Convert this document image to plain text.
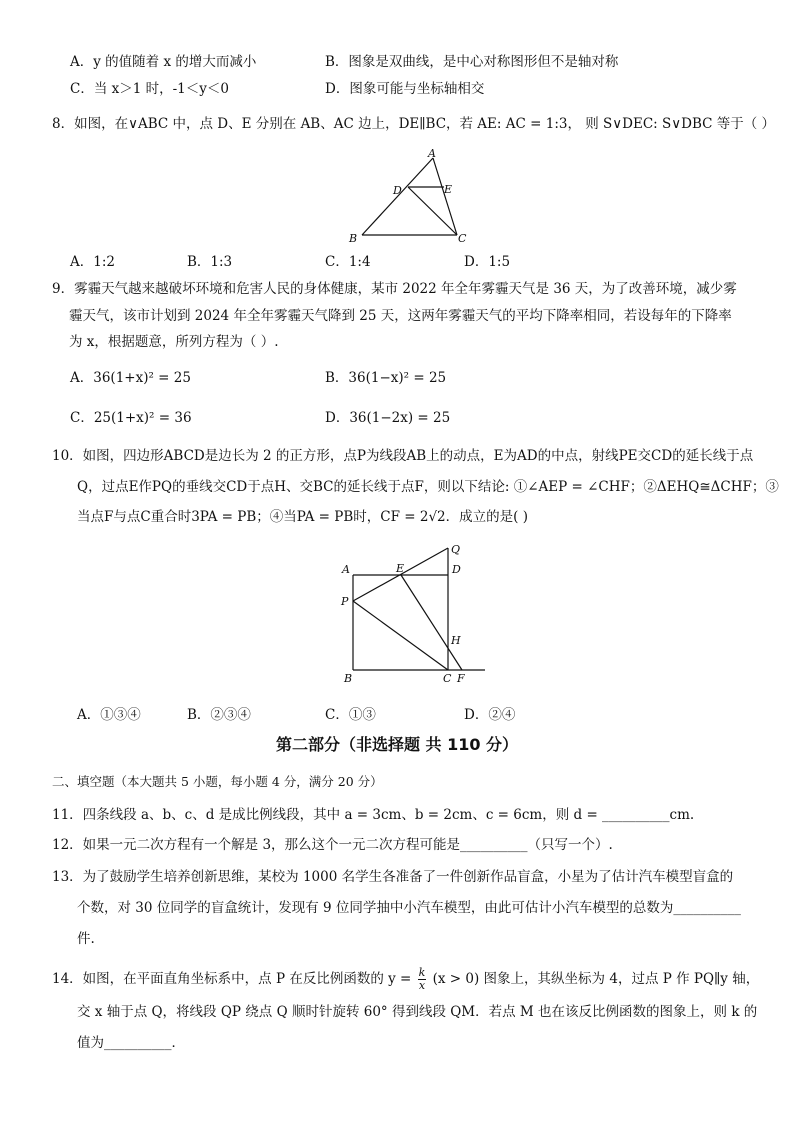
A．y 的值随着 x 的增大而减小	B．图象是双曲线，是中心对称图形但不是轴对称
C．当 x＞1 时，-1＜y＜0	D．图象可能与坐标轴相交
8．如图，在∨ABC 中，点 D、E 分别在 AB、AC 边上，DE∥BC，若 AE: AC = 1:3， 则 S∨DEC: S∨DBC 等于（ ）
A
D	E
B	C
A．1:2	B．1:3	C．1:4	D．1:5
9．雾霾天气越来越破坏环境和危害人民的身体健康，某市 2022 年全年雾霾天气是 36 天，为了改善环境，减少雾
霾天气，该市计划到 2024 年全年雾霾天气降到 25 天，这两年雾霾天气的平均下降率相同，若设每年的下降率
为 x，根据题意，所列方程为（ ）.
A．36(1+x)² = 25	B．36(1−x)² = 25
C．25(1+x)² = 36	D．36(1−2x) = 25
10．如图，四边形ABCD是边长为 2 的正方形，点P为线段AB上的动点，E为AD的中点，射线PE交CD的延长线于点
Q，过点E作PQ的垂线交CD于点H、交BC的延长线于点F，则以下结论: ①∠AEP = ∠CHF；②ΔEHQ≅ΔCHF；③
当点F与点C重合时3PA = PB；④当PA = PB时，CF = 2√2．成立的是( )
Q
A	E	D
P
H
B	C F
A．①③④	B．②③④	C．①③	D．②④
第二部分（非选择题 共 110 分）
二、填空题（本大题共 5 小题，每小题 4 分，满分 20 分）
11．四条线段 a、b、c、d 是成比例线段，其中 a = 3cm、b = 2cm、c = 6cm，则 d = __________cm.
12．如果一元二次方程有一个解是 3，那么这个一元二次方程可能是__________（只写一个）.
13．为了鼓励学生培养创新思维，某校为 1000 名学生各准备了一件创新作品盲盒，小星为了估计汽车模型盲盒的
个数，对 30 位同学的盲盒统计，发现有 9 位同学抽中小汽车模型，由此可估计小汽车模型的总数为__________
件.
14．如图，在平面直角坐标系中，点 P 在反比例函数的 $y = \frac{k}{x} (x > 0)$ 图象上，其纵坐标为 4，过点 P 作 PQ∥y 轴，
交 x 轴于点 Q，将线段 QP 绕点 Q 顺时针旋转 60° 得到线段 QM．若点 M 也在该反比例函数的图象上，则 k 的
值为__________．
